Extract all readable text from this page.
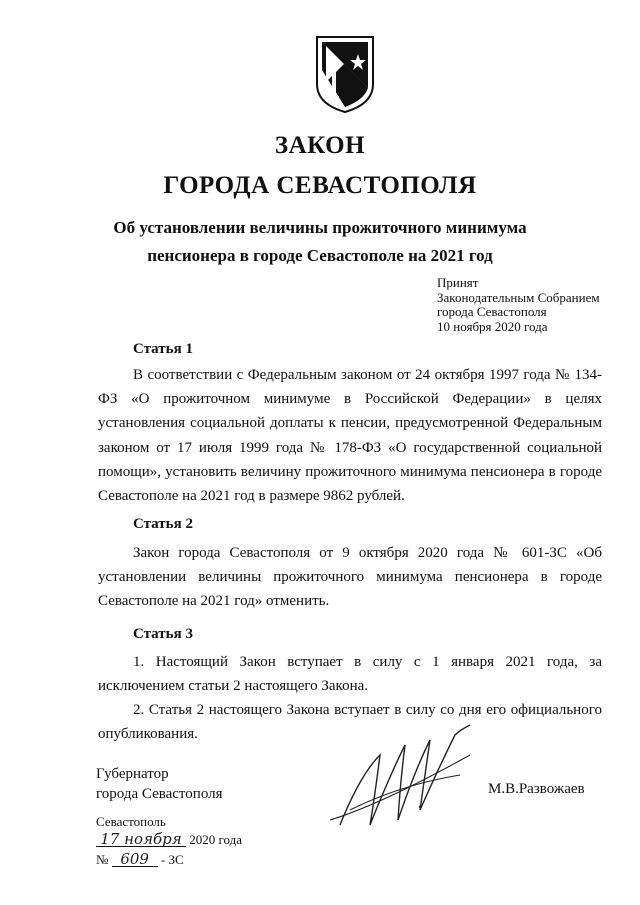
ЗАКОН
ГОРОДА СЕВАСТОПОЛЯ
Об установлении величины прожиточного минимума
пенсионера в городе Севастополе на 2021 год
Принят
Законодательным Собранием
города Севастополя
10 ноября 2020 года
Статья 1
В соответствии с Федеральным законом от 24 октября 1997 года № 134-ФЗ «О прожиточном минимуме в Российской Федерации» в целях установления социальной доплаты к пенсии, предусмотренной Федеральным законом от 17 июля 1999 года № 178-ФЗ «О государственной социальной помощи», установить величину прожиточного минимума пенсионера в городе Севастополе на 2021 год в размере 9862 рублей.
Статья 2
Закон города Севастополя от 9 октября 2020 года № 601-ЗС «Об установлении величины прожиточного минимума пенсионера в городе Севастополе на 2021 год» отменить.
Статья 3
1. Настоящий Закон вступает в силу с 1 января 2021 года, за исключением статьи 2 настоящего Закона.
2. Статья 2 настоящего Закона вступает в силу со дня его официального опубликования.
Губернатор
города Севастополя	М.В.Развожаев
Севастополь
17 ноября 2020 года
№ 609 - ЗС
